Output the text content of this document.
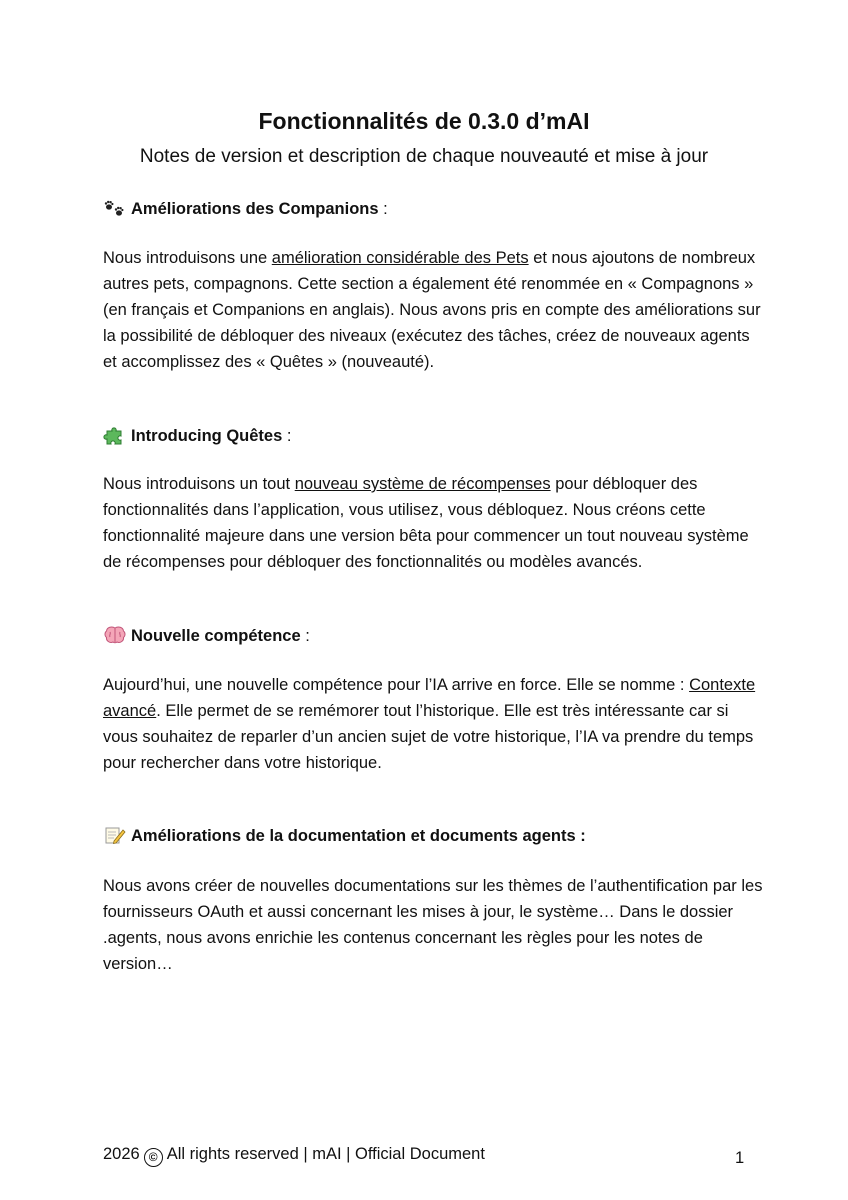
Fonctionnalités de 0.3.0 d’mAI
Notes de version et description de chaque nouveauté et mise à jour
Améliorations des Companions :

Nous introduisons une amélioration considérable des Pets et nous ajoutons de nombreux autres pets, compagnons. Cette section a également été renommée en « Compagnons » (en français et Companions en anglais). Nous avons pris en compte des améliorations sur la possibilité de débloquer des niveaux (exécutez des tâches, créez de nouveaux agents et accomplissez des « Quêtes » (nouveauté).

Introducing Quêtes :

Nous introduisons un tout nouveau système de récompenses pour débloquer des fonctionnalités dans l’application, vous utilisez, vous débloquez. Nous créons cette fonctionnalité majeure dans une version bêta pour commencer un tout nouveau système de récompenses pour débloquer des fonctionnalités ou modèles avancés.

Nouvelle compétence :

Aujourd’hui, une nouvelle compétence pour l’IA arrive en force. Elle se nomme : Contexte avancé. Elle permet de se remémorer tout l’historique. Elle est très intéressante car si vous souhaitez de reparler d’un ancien sujet de votre historique, l’IA va prendre du temps pour rechercher dans votre historique.

Améliorations de la documentation et documents agents :

Nous avons créer de nouvelles documentations sur les thèmes de l’authentification par les fournisseurs OAuth et aussi concernant les mises à jour, le système… Dans le dossier .agents, nous avons enrichie les contenus concernant les règles pour les notes de version…

2026 © All rights reserved | mAI | Official Document	1
